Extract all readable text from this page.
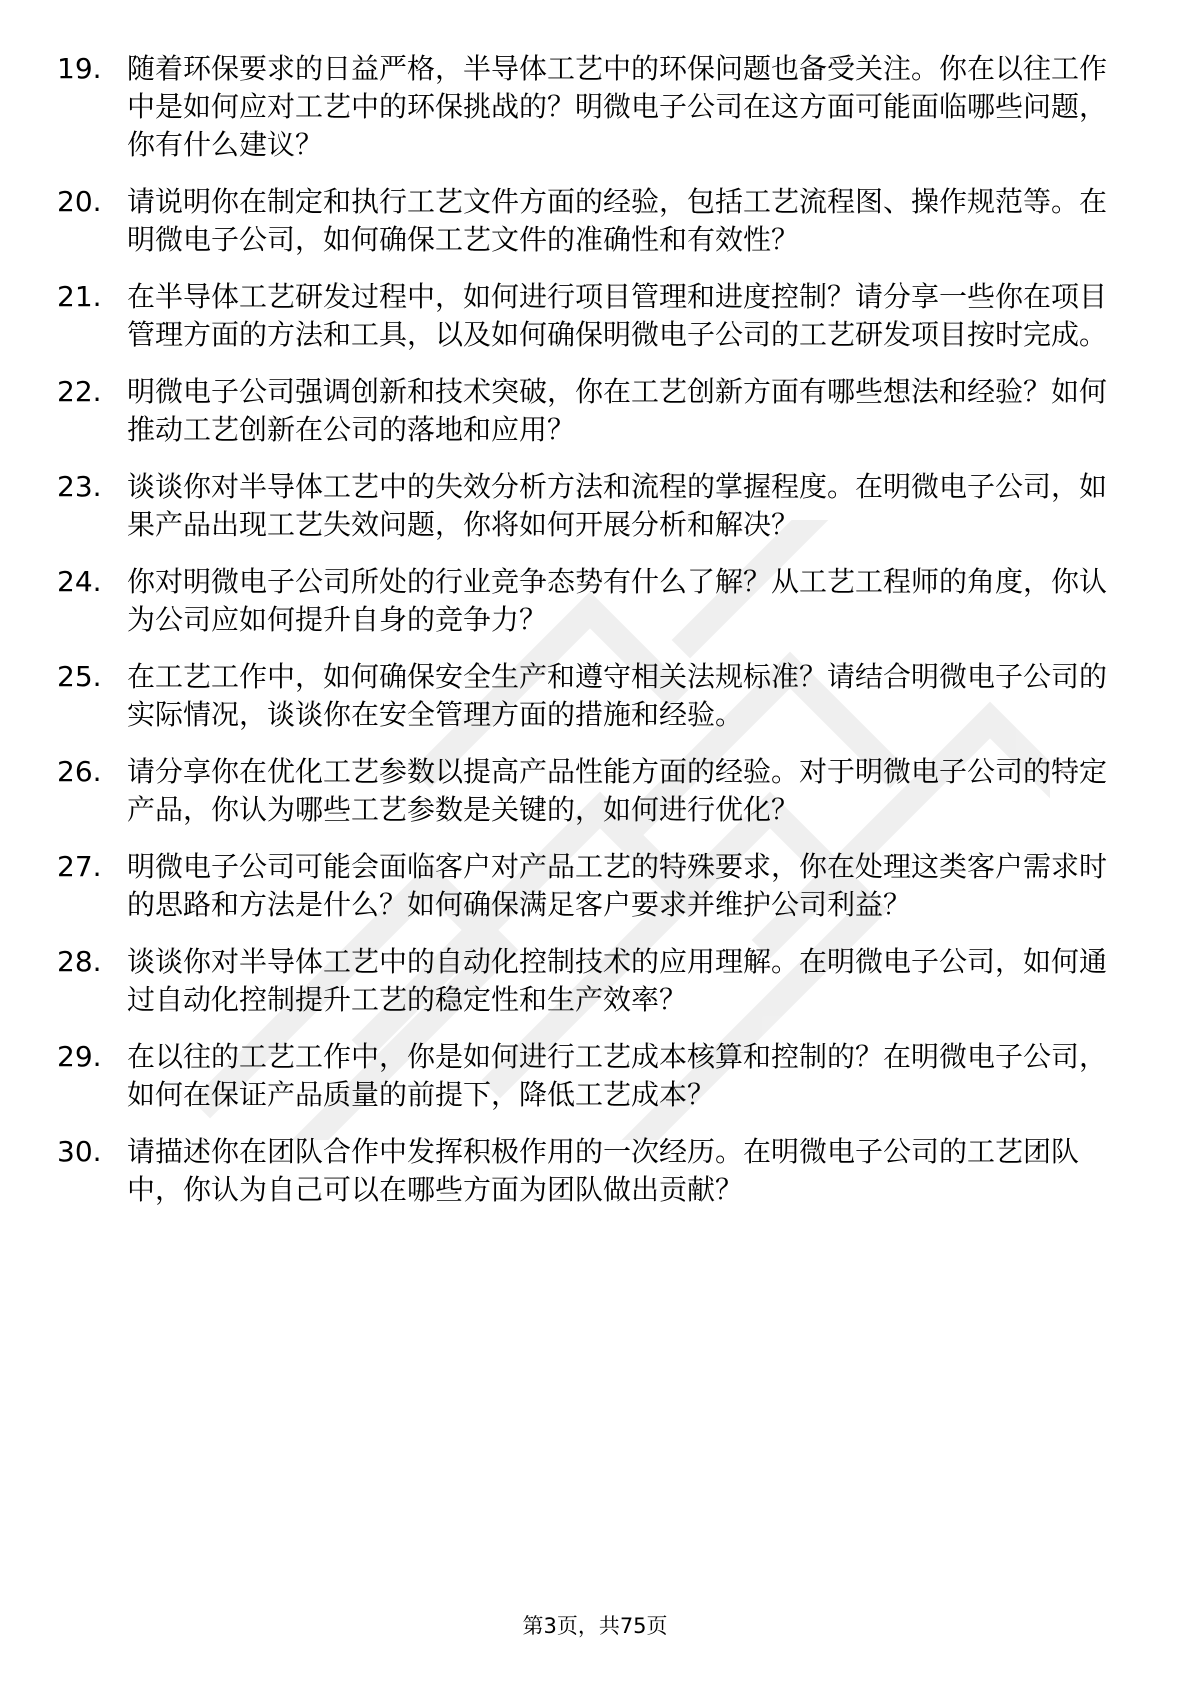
19. 随着环保要求的日益严格，半导体工艺中的环保问题也备受关注。你在以往工作中是如何应对工艺中的环保挑战的？明微电子公司在这方面可能面临哪些问题，你有什么建议？
20. 请说明你在制定和执行工艺文件方面的经验，包括工艺流程图、操作规范等。在明微电子公司，如何确保工艺文件的准确性和有效性？
21. 在半导体工艺研发过程中，如何进行项目管理和进度控制？请分享一些你在项目管理方面的方法和工具，以及如何确保明微电子公司的工艺研发项目按时完成。
22. 明微电子公司强调创新和技术突破，你在工艺创新方面有哪些想法和经验？如何推动工艺创新在公司的落地和应用？
23. 谈谈你对半导体工艺中的失效分析方法和流程的掌握程度。在明微电子公司，如果产品出现工艺失效问题，你将如何开展分析和解决？
24. 你对明微电子公司所处的行业竞争态势有什么了解？从工艺工程师的角度，你认为公司应如何提升自身的竞争力？
25. 在工艺工作中，如何确保安全生产和遵守相关法规标准？请结合明微电子公司的实际情况，谈谈你在安全管理方面的措施和经验。
26. 请分享你在优化工艺参数以提高产品性能方面的经验。对于明微电子公司的特定产品，你认为哪些工艺参数是关键的，如何进行优化？
27. 明微电子公司可能会面临客户对产品工艺的特殊要求，你在处理这类客户需求时的思路和方法是什么？如何确保满足客户要求并维护公司利益？
28. 谈谈你对半导体工艺中的自动化控制技术的应用理解。在明微电子公司，如何通过自动化控制提升工艺的稳定性和生产效率？
29. 在以往的工艺工作中，你是如何进行工艺成本核算和控制的？在明微电子公司，如何在保证产品质量的前提下，降低工艺成本？
30. 请描述你在团队合作中发挥积极作用的一次经历。在明微电子公司的工艺团队中，你认为自己可以在哪些方面为团队做出贡献？
第3页，共75页
